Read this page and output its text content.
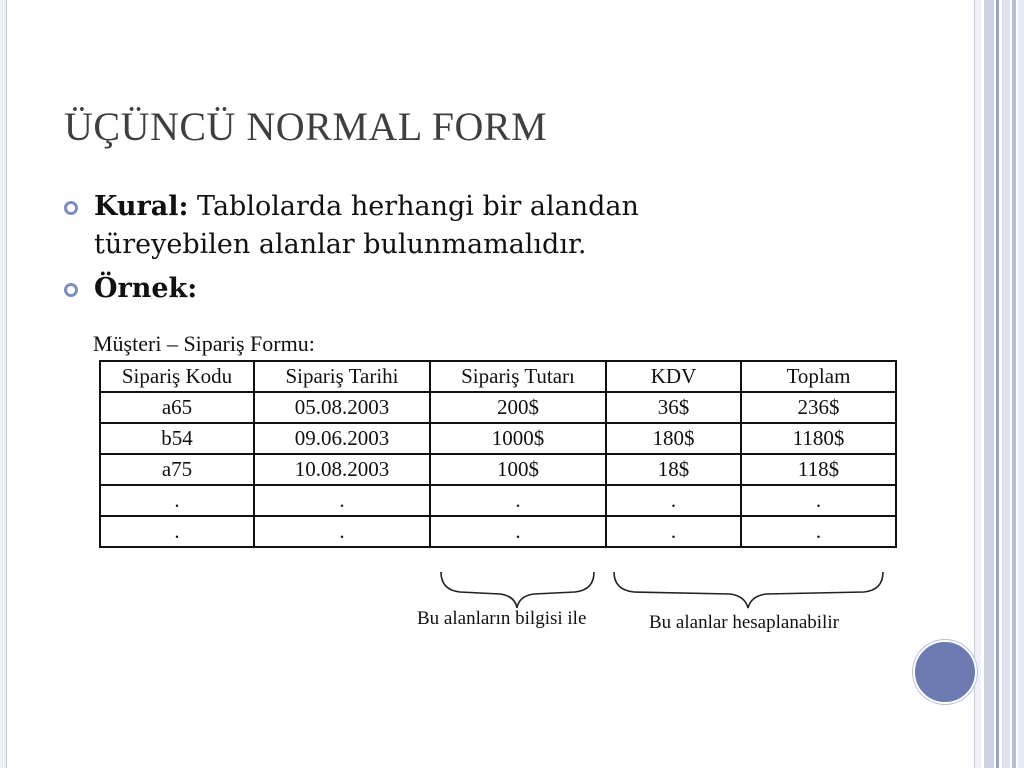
ÜÇÜNCÜ NORMAL FORM
Kural: Tablolarda herhangi bir alandan türeyebilen alanlar bulunmamalıdır.
Örnek:
Müşteri – Sipariş Formu:
Sipariş Kodu	Sipariş Tarihi	Sipariş Tutarı	KDV	Toplam
a65	05.08.2003	200$	36$	236$
b54	09.06.2003	1000$	180$	1180$
a75	10.08.2003	100$	18$	118$
.	.	.	.	.
.	.	.	.	.
Bu alanların bilgisi ile	Bu alanlar hesaplanabilir
